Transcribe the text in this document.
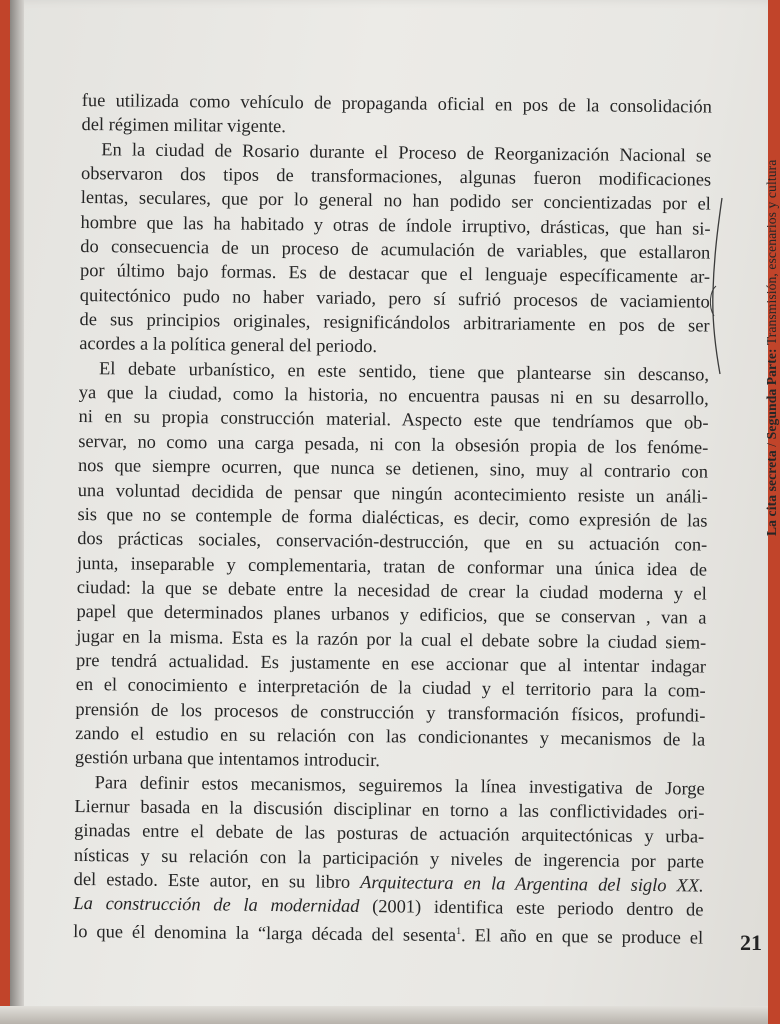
fue utilizada como vehículo de propaganda oficial en pos de la consolidación
del régimen militar vigente.
En la ciudad de Rosario durante el Proceso de Reorganización Nacional se
observaron dos tipos de transformaciones, algunas fueron modificaciones
lentas, seculares, que por lo general no han podido ser concientizadas por el
hombre que las ha habitado y otras de índole irruptivo, drásticas, que han si-
do consecuencia de un proceso de acumulación de variables, que estallaron
por último bajo formas. Es de destacar que el lenguaje específicamente ar-
quitectónico pudo no haber variado, pero sí sufrió procesos de vaciamiento
de sus principios originales, resignificándolos arbitrariamente en pos de ser
acordes a la política general del periodo.
El debate urbanístico, en este sentido, tiene que plantearse sin descanso,
ya que la ciudad, como la historia, no encuentra pausas ni en su desarrollo,
ni en su propia construcción material. Aspecto este que tendríamos que ob-
servar, no como una carga pesada, ni con la obsesión propia de los fenóme-
nos que siempre ocurren, que nunca se detienen, sino, muy al contrario con
una voluntad decidida de pensar que ningún acontecimiento resiste un análi-
sis que no se contemple de forma dialécticas, es decir, como expresión de las
dos prácticas sociales, conservación-destrucción, que en su actuación con-
junta, inseparable y complementaria, tratan de conformar una única idea de
ciudad: la que se debate entre la necesidad de crear la ciudad moderna y el
papel que determinados planes urbanos y edificios, que se conservan , van a
jugar en la misma. Esta es la razón por la cual el debate sobre la ciudad siem-
pre tendrá actualidad. Es justamente en ese accionar que al intentar indagar
en el conocimiento e interpretación de la ciudad y el territorio para la com-
prensión de los procesos de construcción y transformación físicos, profundi-
zando el estudio en su relación con las condicionantes y mecanismos de la
gestión urbana que intentamos introducir.
Para definir estos mecanismos, seguiremos la línea investigativa de Jorge
Liernur basada en la discusión disciplinar en torno a las conflictividades ori-
ginadas entre el debate de las posturas de actuación arquitectónicas y urba-
nísticas y su relación con la participación y niveles de ingerencia por parte
del estado. Este autor, en su libro Arquitectura en la Argentina del siglo XX.
La construcción de la modernidad (2001) identifica este periodo dentro de
lo que él denomina la “larga década del sesenta$^1$. El año en que se produce el
La cita secreta / Segunda Parte: Transmisión, escenarios y cultura
21
